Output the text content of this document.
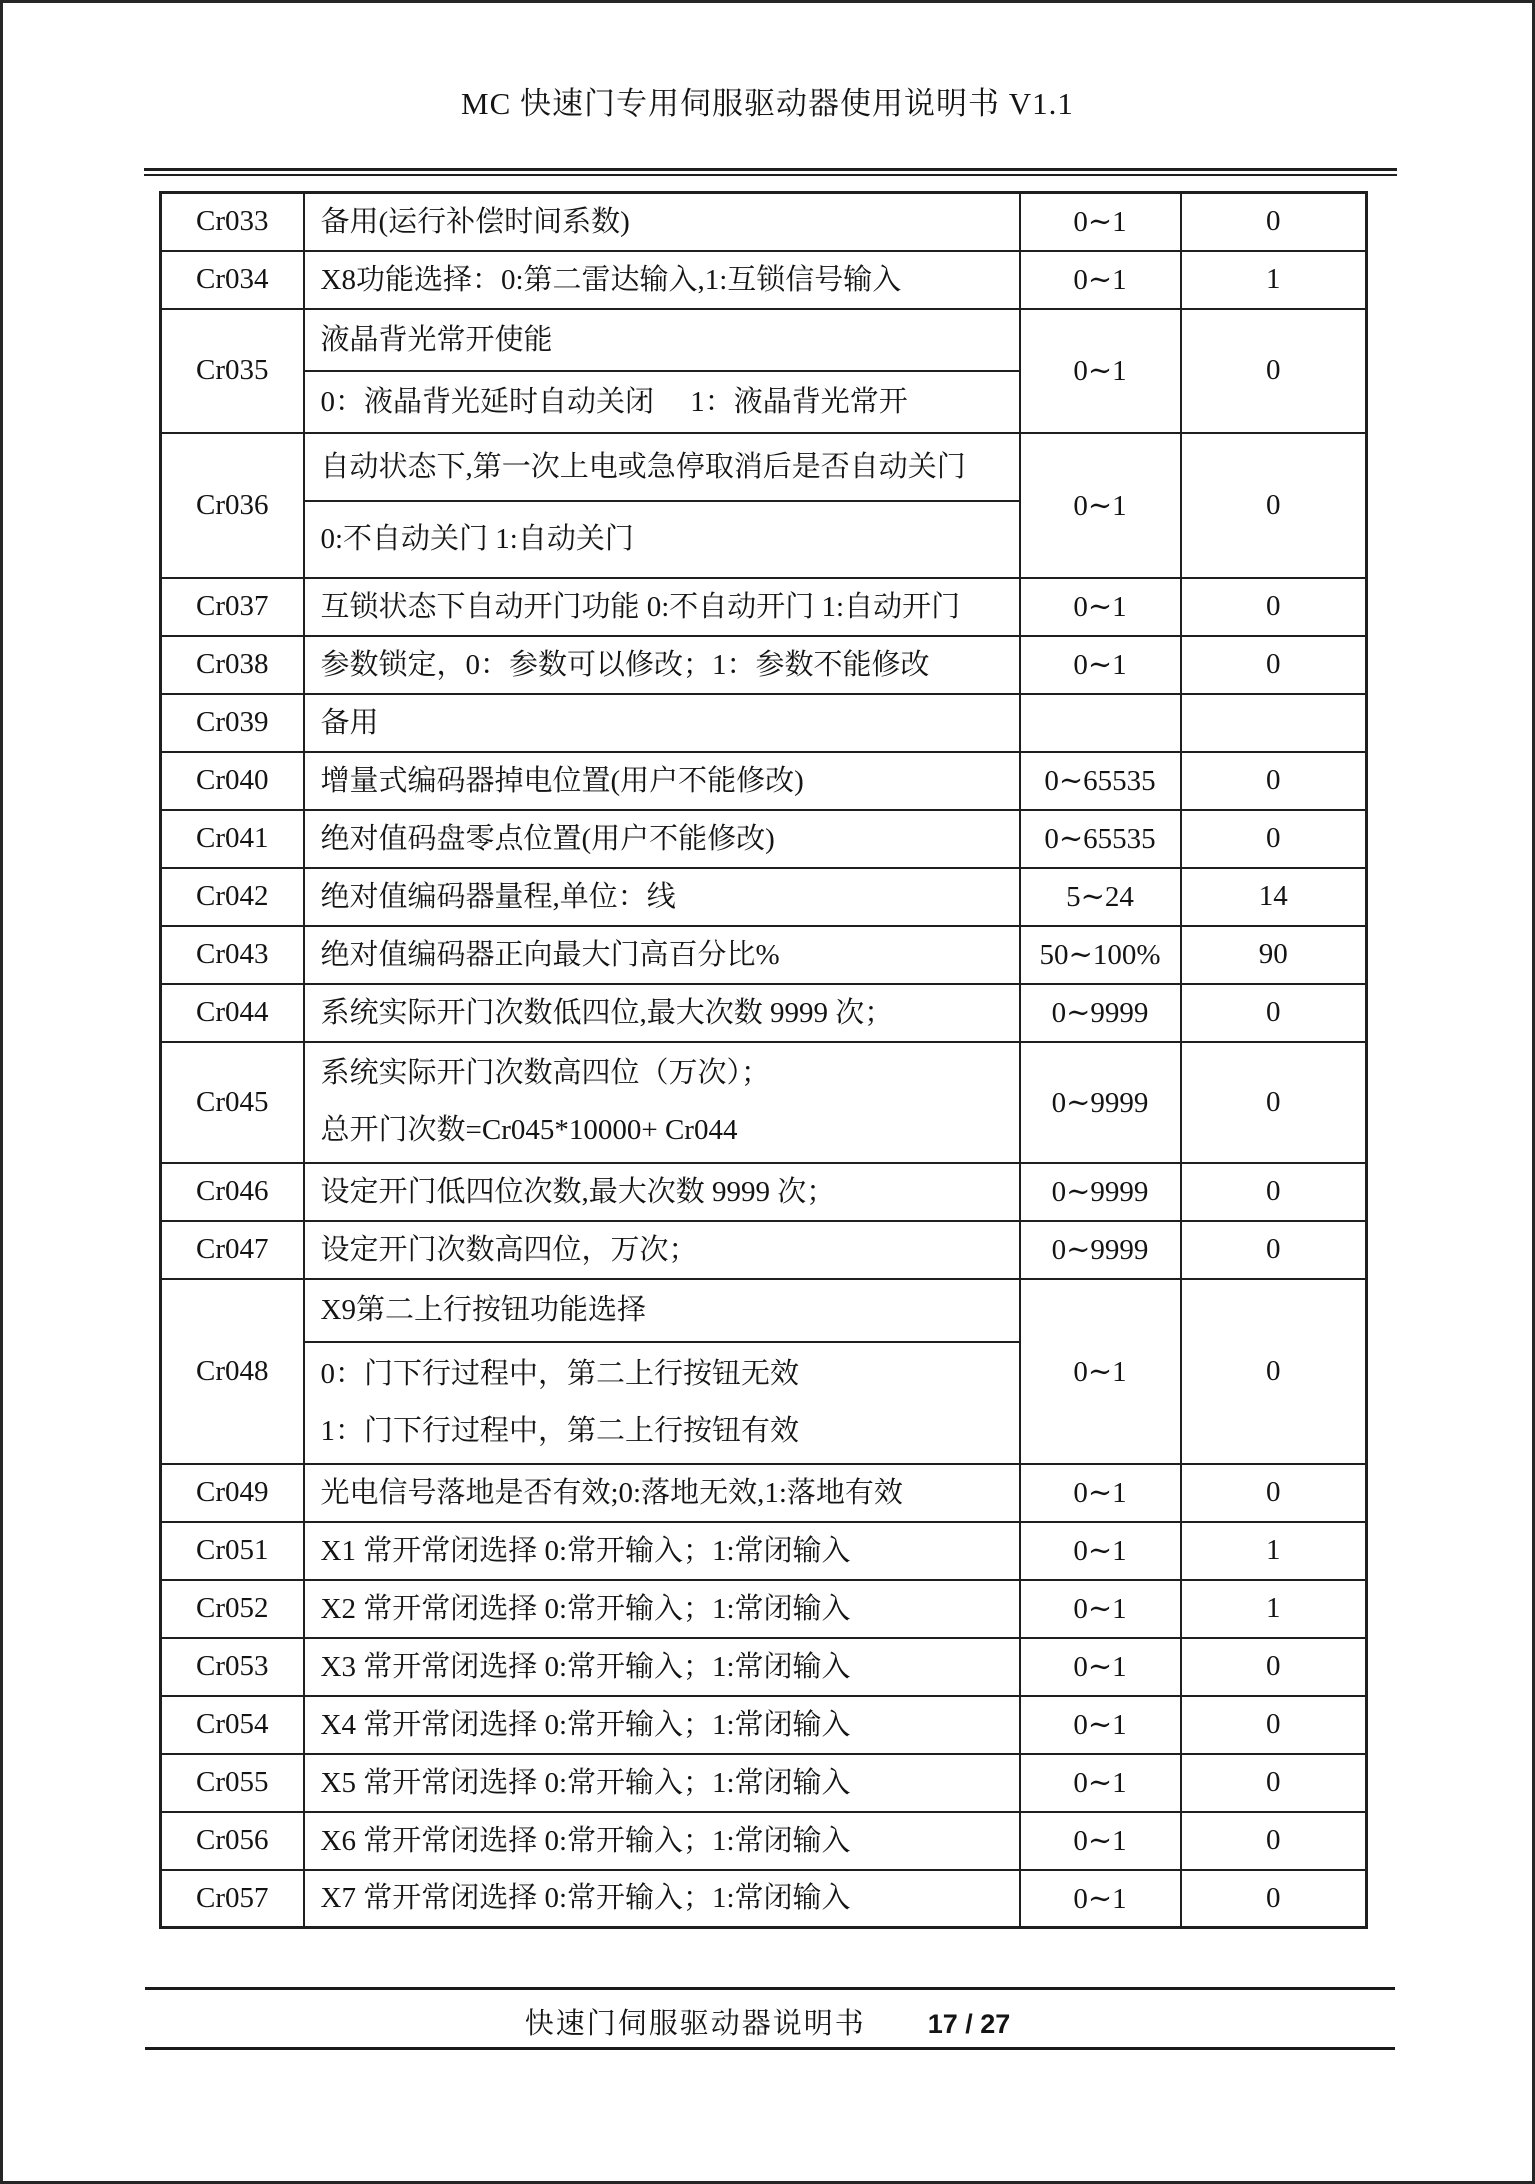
MC 快速门专用伺服驱动器使用说明书 V1.1
Cr033	备用(运行补偿时间系数)	0∼1	0
Cr034	X8功能选择：0:第二雷达输入,1:互锁信号输入	0∼1	1
Cr035	液晶背光常开使能
0：液晶背光延时自动关闭　 1：液晶背光常开	0∼1	0
Cr036	自动状态下,第一次上电或急停取消后是否自动关门
0:不自动关门 1:自动关门	0∼1	0
Cr037	互锁状态下自动开门功能 0:不自动开门 1:自动开门	0∼1	0
Cr038	参数锁定，0：参数可以修改；1：参数不能修改	0∼1	0
Cr039	备用		

Cr040	增量式编码器掉电位置(用户不能修改)	0∼65535	0
Cr041	绝对值码盘零点位置(用户不能修改)	0∼65535	0
Cr042	绝对值编码器量程,单位：线	5∼24	14
Cr043	绝对值编码器正向最大门高百分比%	50∼100%	90
Cr044	系统实际开门次数低四位,最大次数 9999 次；	0∼9999	0
Cr045	系统实际开门次数高四位（万次）；
总开门次数=Cr045*10000+ Cr044	0∼9999	0
Cr046	设定开门低四位次数,最大次数 9999 次；	0∼9999	0
Cr047	设定开门次数高四位，万次；	0∼9999	0
Cr048	X9第二上行按钮功能选择
0：门下行过程中，第二上行按钮无效
1：门下行过程中，第二上行按钮有效	0∼1	0
Cr049	光电信号落地是否有效;0:落地无效,1:落地有效	0∼1	0
Cr051	X1 常开常闭选择 0:常开输入；1:常闭输入	0∼1	1
Cr052	X2 常开常闭选择 0:常开输入；1:常闭输入	0∼1	1
Cr053	X3 常开常闭选择 0:常开输入；1:常闭输入	0∼1	0
Cr054	X4 常开常闭选择 0:常开输入；1:常闭输入	0∼1	0
Cr055	X5 常开常闭选择 0:常开输入；1:常闭输入	0∼1	0
Cr056	X6 常开常闭选择 0:常开输入；1:常闭输入	0∼1	0
Cr057	X7 常开常闭选择 0:常开输入；1:常闭输入	0∼1	0
快速门伺服驱动器说明书 17 / 27
